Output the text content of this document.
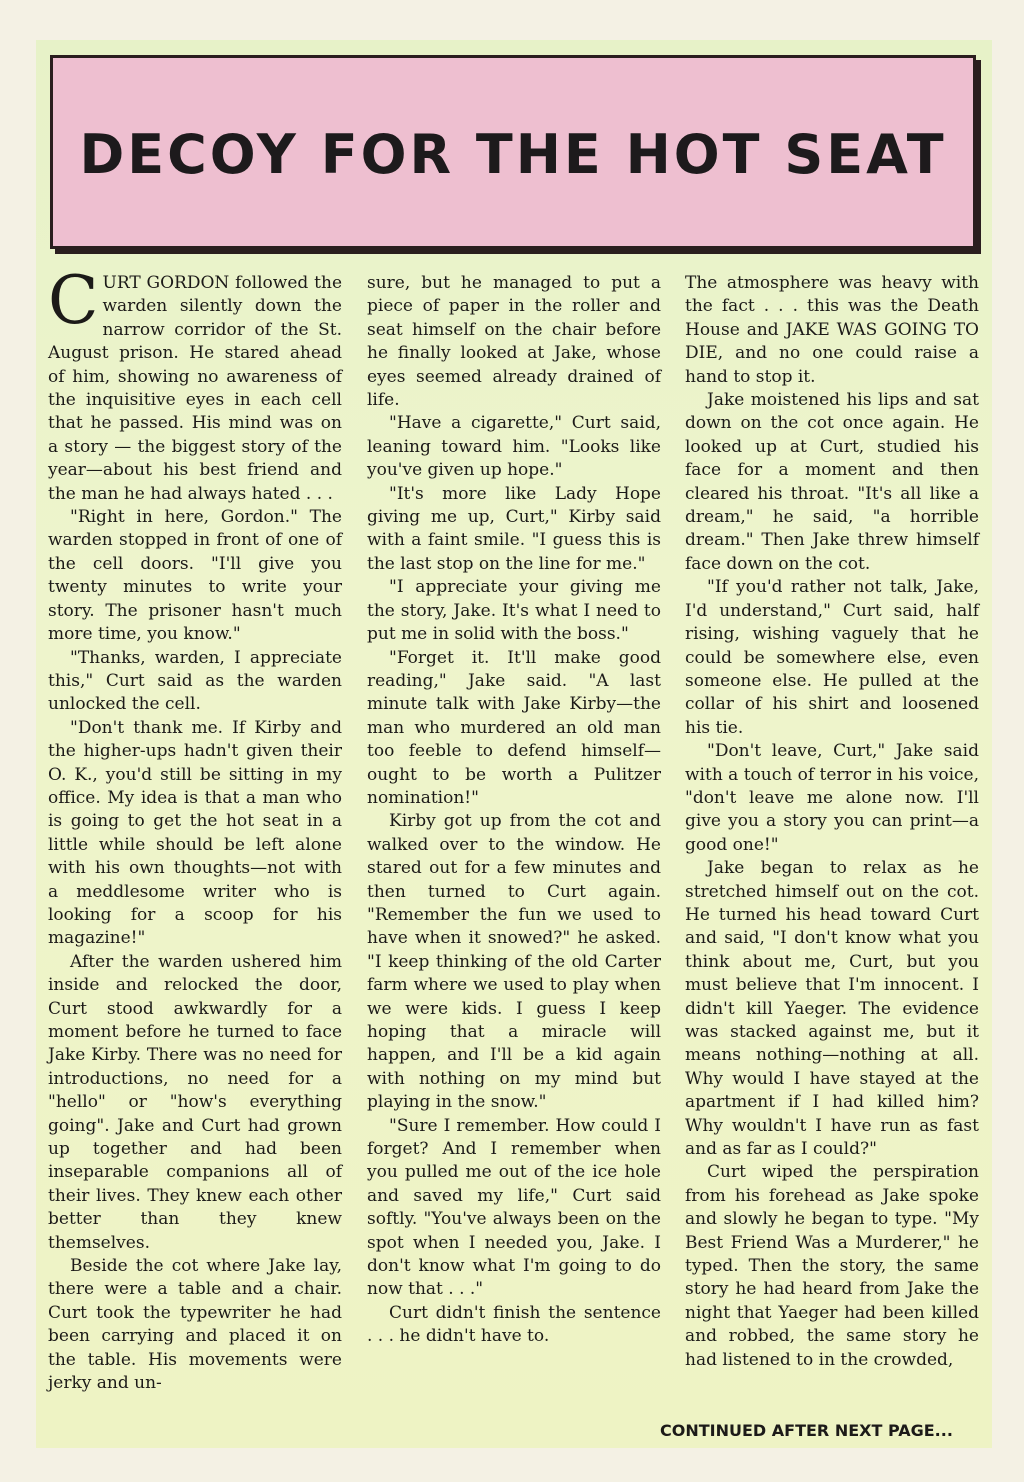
DECOY FOR THE HOT SEAT

CURT GORDON followed the warden silently down the narrow corridor of the St. August prison. He stared ahead of him, showing no awareness of the inquisitive eyes in each cell that he passed. His mind was on a story — the biggest story of the year—about his best friend and the man he had always hated . . .

"Right in here, Gordon." The warden stopped in front of one of the cell doors. "I'll give you twenty minutes to write your story. The prisoner hasn't much more time, you know."

"Thanks, warden, I appreciate this," Curt said as the warden unlocked the cell.

"Don't thank me. If Kirby and the higher-ups hadn't given their O. K., you'd still be sitting in my office. My idea is that a man who is going to get the hot seat in a little while should be left alone with his own thoughts—not with a meddlesome writer who is looking for a scoop for his magazine!"

After the warden ushered him inside and relocked the door, Curt stood awkwardly for a moment before he turned to face Jake Kirby. There was no need for introductions, no need for a "hello" or "how's everything going". Jake and Curt had grown up together and had been inseparable companions all of their lives. They knew each other better than they knew themselves.

Beside the cot where Jake lay, there were a table and a chair. Curt took the typewriter he had been carrying and placed it on the table. His movements were jerky and un-

sure, but he managed to put a piece of paper in the roller and seat himself on the chair before he finally looked at Jake, whose eyes seemed already drained of life.

"Have a cigarette," Curt said, leaning toward him. "Looks like you've given up hope."

"It's more like Lady Hope giving me up, Curt," Kirby said with a faint smile. "I guess this is the last stop on the line for me."

"I appreciate your giving me the story, Jake. It's what I need to put me in solid with the boss."

"Forget it. It'll make good reading," Jake said. "A last minute talk with Jake Kirby—the man who murdered an old man too feeble to defend himself—ought to be worth a Pulitzer nomination!"

Kirby got up from the cot and walked over to the window. He stared out for a few minutes and then turned to Curt again. "Remember the fun we used to have when it snowed?" he asked. "I keep thinking of the old Carter farm where we used to play when we were kids. I guess I keep hoping that a miracle will happen, and I'll be a kid again with nothing on my mind but playing in the snow."

"Sure I remember. How could I forget? And I remember when you pulled me out of the ice hole and saved my life," Curt said softly. "You've always been on the spot when I needed you, Jake. I don't know what I'm going to do now that . . ."

Curt didn't finish the sentence . . . he didn't have to.

The atmosphere was heavy with the fact . . . this was the Death House and JAKE WAS GOING TO DIE, and no one could raise a hand to stop it.

Jake moistened his lips and sat down on the cot once again. He looked up at Curt, studied his face for a moment and then cleared his throat. "It's all like a dream," he said, "a horrible dream." Then Jake threw himself face down on the cot.

"If you'd rather not talk, Jake, I'd understand," Curt said, half rising, wishing vaguely that he could be somewhere else, even someone else. He pulled at the collar of his shirt and loosened his tie.

"Don't leave, Curt," Jake said with a touch of terror in his voice, "don't leave me alone now. I'll give you a story you can print—a good one!"

Jake began to relax as he stretched himself out on the cot. He turned his head toward Curt and said, "I don't know what you think about me, Curt, but you must believe that I'm innocent. I didn't kill Yaeger. The evidence was stacked against me, but it means nothing—nothing at all. Why would I have stayed at the apartment if I had killed him? Why wouldn't I have run as fast and as far as I could?"

Curt wiped the perspiration from his forehead as Jake spoke and slowly he began to type. "My Best Friend Was a Murderer," he typed. Then the story, the same story he had heard from Jake the night that Yaeger had been killed and robbed, the same story he had listened to in the crowded,

CONTINUED AFTER NEXT PAGE...
